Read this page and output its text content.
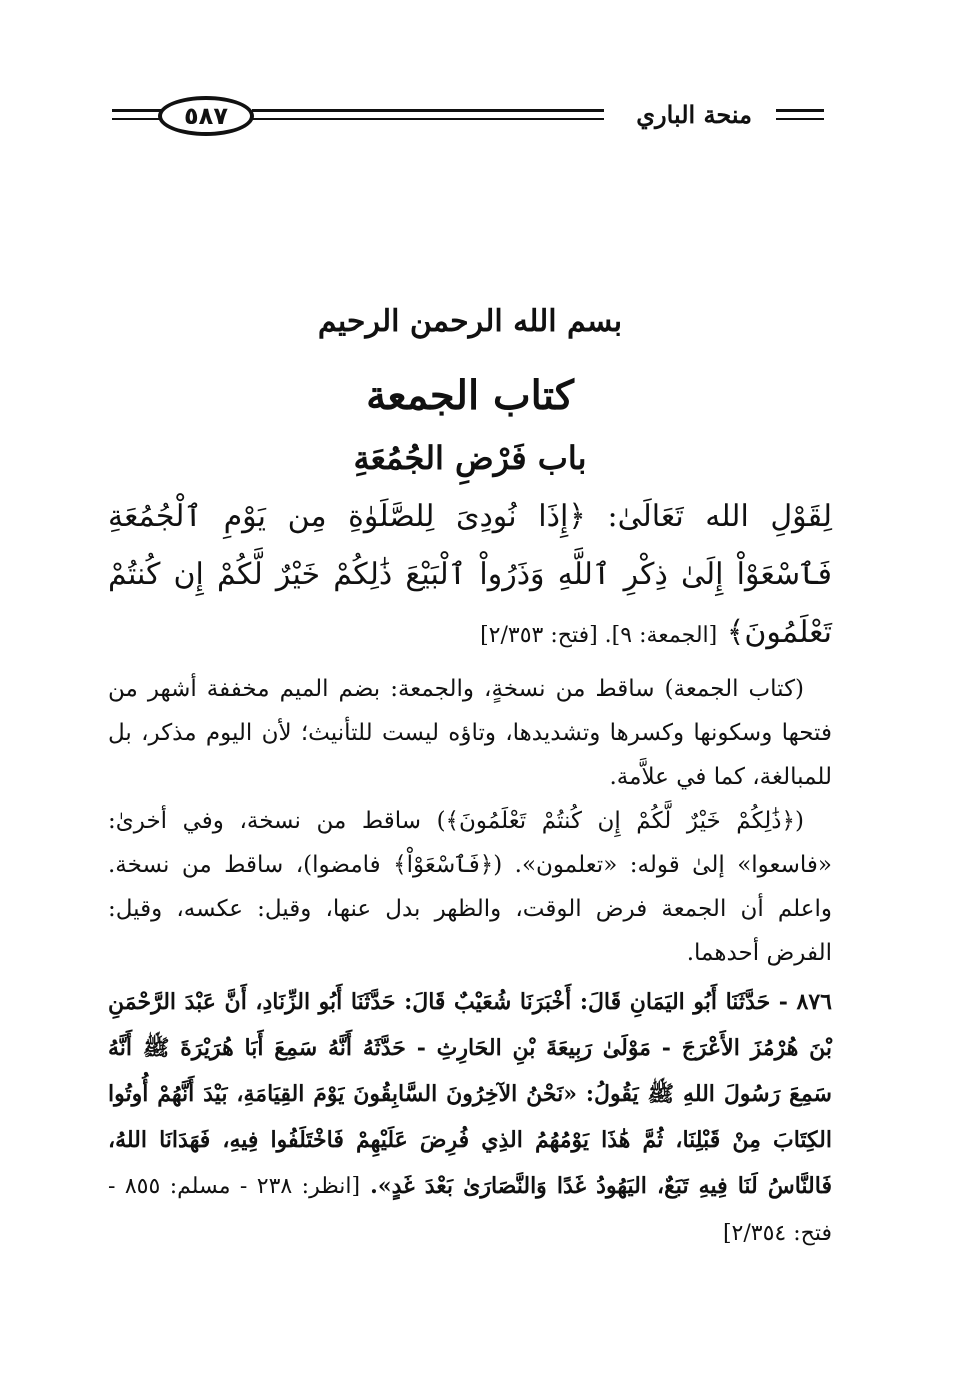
٥٨٧	منحة الباري
بسم الله الرحمن الرحيم
كتاب الجمعة
باب فَرْضِ الجُمُعَةِ

لِقَوْلِ الله تَعَالَىٰ: ﴿إِذَا نُودِىَ لِلصَّلَوٰةِ مِن يَوْمِ ٱلْجُمُعَةِ فَٱسْعَوْاْ إِلَىٰ ذِكْرِ ٱللَّهِ وَذَرُواْ ٱلْبَيْعَ ذَٰلِكُمْ خَيْرٌ لَّكُمْ إِن كُنتُمْ تَعْلَمُونَ﴾ [الجمعة: ٩]. [فتح: ٢/٣٥٣]

(كتاب الجمعة) ساقط من نسخةٍ، والجمعة: بضم الميم مخففة أشهر من فتحها وسكونها وكسرها وتشديدها، وتاؤه ليست للتأنيث؛ لأن اليوم مذكر، بل للمبالغة، كما في علاَّمة.

(﴿ذَٰلِكُمْ خَيْرٌ لَّكُمْ إِن كُنتُمْ تَعْلَمُونَ﴾) ساقط من نسخة، وفي أخرىٰ: «فاسعوا» إلىٰ قوله: «تعلمون». (﴿فَٱسْعَوْاْ﴾ فامضوا)، ساقط من نسخة. واعلم أن الجمعة فرض الوقت، والظهر بدل عنها، وقيل: عكسه، وقيل: الفرض أحدهما.

٨٧٦ - حَدَّثَنَا أَبُو اليَمَانِ قَالَ: أَخْبَرَنَا شُعَيْبٌ قَالَ: حَدَّثَنَا أَبُو الزِّنَادِ، أَنَّ عَبْدَ الرَّحْمَنِ بْنَ هُرْمُزَ الأَعْرَجَ - مَوْلَىٰ رَبِيعَةَ بْنِ الحَارِثِ - حَدَّثَهُ أَنَّهُ سَمِعَ أَبَا هُرَيْرَةَ ﷺ أَنَّهُ سَمِعَ رَسُولَ اللهِ ﷺ يَقُولُ: «نَحْنُ الآخِرُونَ السَّابِقُونَ يَوْمَ القِيَامَةِ، بَيْدَ أَنَّهُمْ أُوتُوا الكِتَابَ مِنْ قَبْلِنَا، ثُمَّ هَٰذَا يَوْمُهُمُ الذِي فُرِضَ عَلَيْهِمْ فَاخْتَلَفُوا فِيهِ، فَهَدَانَا اللهُ، فَالنَّاسُ لَنَا فِيهِ تَبَعٌ، اليَهُودُ غَدًا وَالنَّصَارَىٰ بَعْدَ غَدٍ». [انظر: ٢٣٨ - مسلم: ٨٥٥ - فتح: ٢/٣٥٤]
